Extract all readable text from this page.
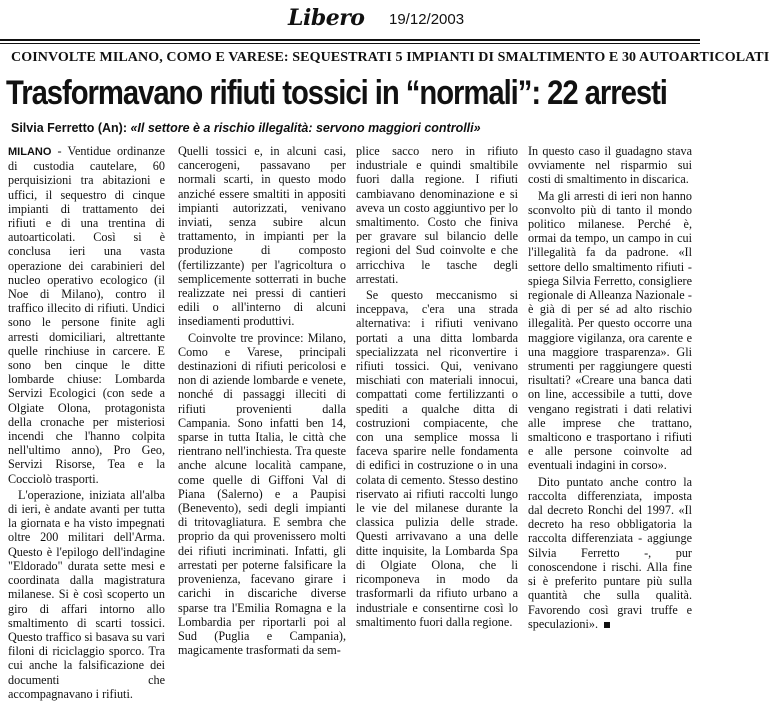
Libero 19/12/2003
COINVOLTE MILANO, COMO E VARESE: SEQUESTRATI 5 IMPIANTI DI SMALTIMENTO E 30 AUTOARTICOLATI
Trasformavano rifiuti tossici in “normali”: 22 arresti
Silvia Ferretto (An): «Il settore è a rischio illegalità: servono maggiori controlli»

MILANO - Ventidue ordinanze di custodia cautelare, 60 perquisizioni tra abitazioni e uffici, il sequestro di cinque impianti di trattamento dei rifiuti e di una trentina di autoarticolati. Così si è conclusa ieri una vasta operazione dei carabinieri del nucleo operativo ecologico (il Noe di Milano), contro il traffico illecito di rifiuti. Undici sono le persone finite agli arresti domiciliari, altrettante quelle rinchiuse in carcere. E sono ben cinque le ditte lombarde chiuse: Lombarda Servizi Ecologici (con sede a Olgiate Olona, protagonista della cronache per misteriosi incendi che l'hanno colpita nell'ultimo anno), Pro Geo, Servizi Risorse, Tea e la Cocciolò trasporti.

L'operazione, iniziata all'alba di ieri, è andate avanti per tutta la giornata e ha visto impegnati oltre 200 militari dell'Arma. Questo è l'epilogo dell'indagine "Eldorado" durata sette mesi e coordinata dalla magistratura milanese. Si è così scoperto un giro di affari intorno allo smaltimento di scarti tossici. Questo traffico si basava su vari filoni di riciclaggio sporco. Tra cui anche la falsificazione dei documenti che accompagnavano i rifiuti.

Quelli tossici e, in alcuni casi, cancerogeni, passavano per normali scarti, in questo modo anziché essere smaltiti in appositi impianti autorizzati, venivano inviati, senza subire alcun trattamento, in impianti per la produzione di composto (fertilizzante) per l'agricoltura o semplicemente sotterrati in buche realizzate nei pressi di cantieri edili o all'interno di alcuni insediamenti produttivi.

Coinvolte tre province: Milano, Como e Varese, principali destinazioni di rifiuti pericolosi e non di aziende lombarde e venete, nonché di passaggi illeciti di rifiuti provenienti dalla Campania. Sono infatti ben 14, sparse in tutta Italia, le città che rientrano nell'inchiesta. Tra queste anche alcune località campane, come quelle di Giffoni Val di Piana (Salerno) e a Paupisi (Benevento), sedi degli impianti di tritovagliatura. E sembra che proprio da qui provenissero molti dei rifiuti incriminati. Infatti, gli arrestati per poterne falsificare la provenienza, facevano girare i carichi in discariche diverse sparse tra l'Emilia Romagna e la Lombardia per riportarli poi al Sud (Puglia e Campania), magicamente trasformati da sem-

plice sacco nero in rifiuto industriale e quindi smaltibile fuori dalla regione. I rifiuti cambiavano denominazione e si aveva un costo aggiuntivo per lo smaltimento. Costo che finiva per gravare sul bilancio delle regioni del Sud coinvolte e che arricchiva le tasche degli arrestati.

Se questo meccanismo si inceppava, c'era una strada alternativa: i rifiuti venivano portati a una ditta lombarda specializzata nel riconvertire i rifiuti tossici. Qui, venivano mischiati con materiali innocui, compattati come fertilizzanti o spediti a qualche ditta di costruzioni compiacente, che con una semplice mossa li faceva sparire nelle fondamenta di edifici in costruzione o in una colata di cemento. Stesso destino riservato ai rifiuti raccolti lungo le vie del milanese durante la classica pulizia delle strade. Questi arrivavano a una delle ditte inquisite, la Lombarda Spa di Olgiate Olona, che li ricomponeva in modo da trasformarli da rifiuto urbano a industriale e consentirne così lo smaltimento fuori dalla regione.

In questo caso il guadagno stava ovviamente nel risparmio sui costi di smaltimento in discarica.

Ma gli arresti di ieri non hanno sconvolto più di tanto il mondo politico milanese. Perché è, ormai da tempo, un campo in cui l'illegalità fa da padrone. «Il settore dello smaltimento rifiuti - spiega Silvia Ferretto, consigliere regionale di Alleanza Nazionale - è già di per sé ad alto rischio illegalità. Per questo occorre una maggiore vigilanza, ora carente e una maggiore trasparenza». Gli strumenti per raggiungere questi risultati? «Creare una banca dati on line, accessibile a tutti, dove vengano registrati i dati relativi alle imprese che trattano, smalticono e trasportano i rifiuti e alle persone coinvolte ad eventuali indagini in corso».

Dito puntato anche contro la raccolta differenziata, imposta dal decreto Ronchi del 1997. «Il decreto ha reso obbligatoria la raccolta differenziata - aggiunge Silvia Ferretto -, pur conoscendone i rischi. Alla fine si è preferito puntare più sulla quantità che sulla qualità. Favorendo così gravi truffe e speculazioni».
